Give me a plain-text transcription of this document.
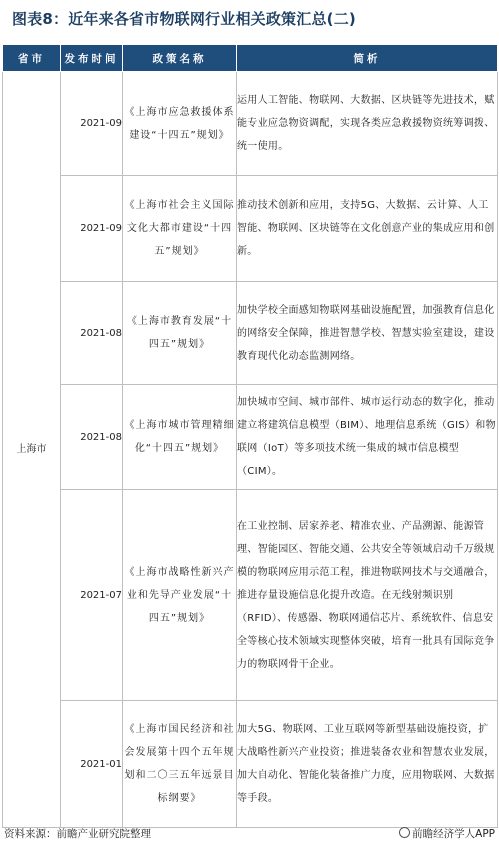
图表8：近年来各省市物联网行业相关政策汇总(二)
省市	发布时间	政策名称	简析
上海市	2021-09	《上海市应急救援体系建设“十四五”规划》	运用人工智能、物联网、大数据、区块链等先进技术，赋能专业应急物资调配，实现各类应急救援物资统筹调拨、统一使用。
	2021-09	《上海市社会主义国际文化大都市建设“十四五”规划》	推动技术创新和应用，支持5G、大数据、云计算、人工智能、物联网、区块链等在文化创意产业的集成应用和创新。
	2021-08	《上海市教育发展“十四五”规划》	加快学校全面感知物联网基础设施配置，加强教育信息化的网络安全保障，推进智慧学校、智慧实验室建设，建设教育现代化动态监测网络。
	2021-08	《上海市城市管理精细化“十四五”规划》	加快城市空间、城市部件、城市运行动态的数字化，推动建立将建筑信息模型（BIM）、地理信息系统（GIS）和物联网（IoT）等多项技术统一集成的城市信息模型（CIM）。
	2021-07	《上海市战略性新兴产业和先导产业发展“十四五”规划》	在工业控制、居家养老、精准农业、产品溯源、能源管理、智能园区、智能交通、公共安全等领域启动千万级规模的物联网应用示范工程，推进物联网技术与交通融合，推进存量设施信息化提升改造。在无线射频识别（RFID）、传感器、物联网通信芯片、系统软件、信息安全等核心技术领域实现整体突破，培育一批具有国际竞争力的物联网骨干企业。
	2021-01	《上海市国民经济和社会发展第十四个五年规划和二〇三五年远景目标纲要》	加大5G、物联网、工业互联网等新型基础设施投资，扩大战略性新兴产业投资；推进装备农业和智慧农业发展，加大自动化、智能化装备推广力度，应用物联网、大数据等手段。
资料来源：前瞻产业研究院整理	前瞻经济学人APP
